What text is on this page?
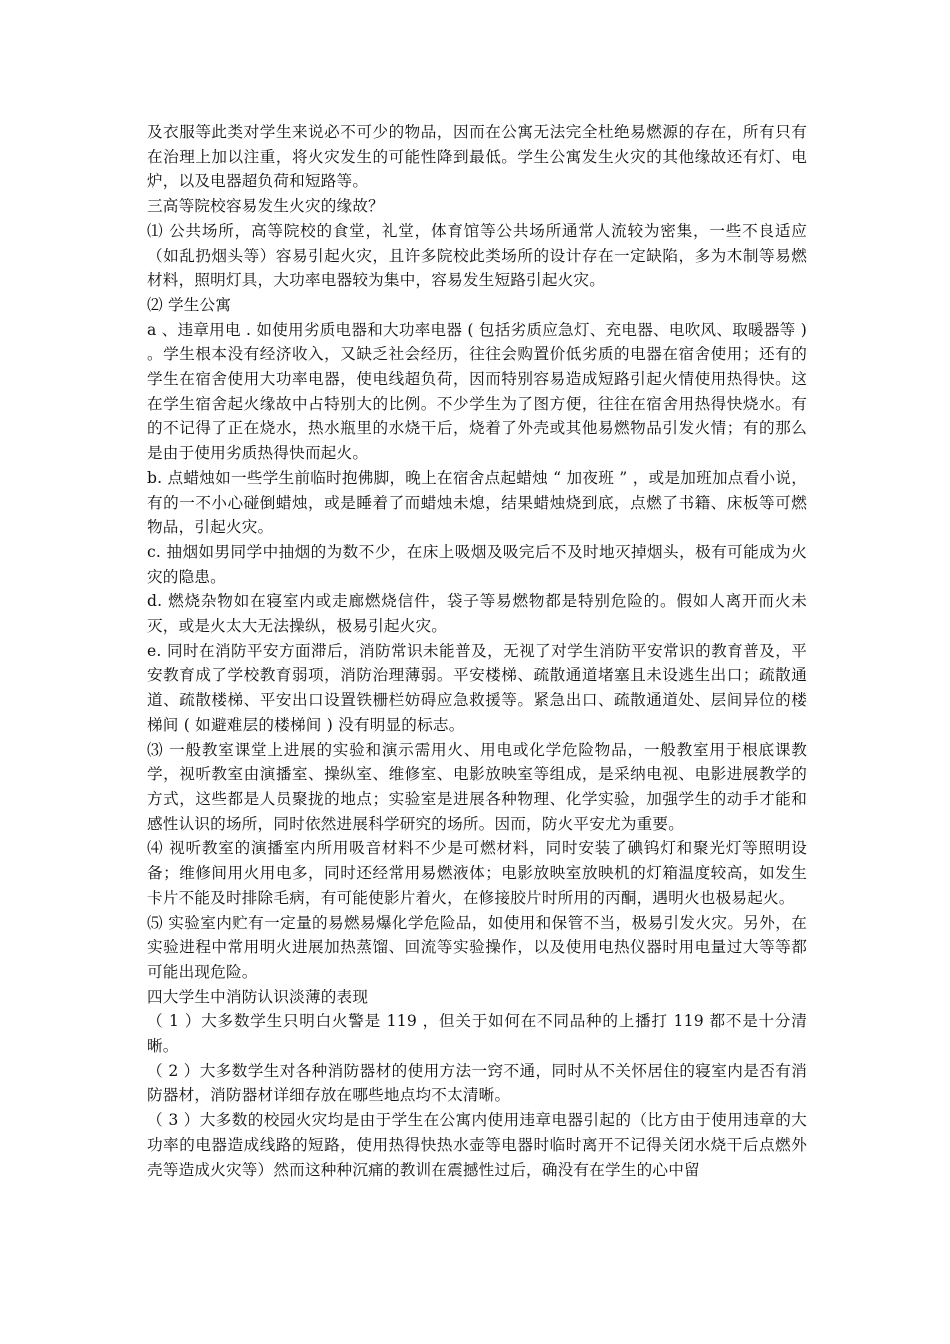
及衣服等此类对学生来说必不可少的物品，因而在公寓无法完全杜绝易燃源的存在，所有只有在治理上加以注重，将火灾发生的可能性降到最低。学生公寓发生火灾的其他缘故还有灯、电炉，以及电器超负荷和短路等。

三高等院校容易发生火灾的缘故？

⑴ 公共场所，高等院校的食堂，礼堂，体育馆等公共场所通常人流较为密集，一些不良适应（如乱扔烟头等）容易引起火灾，且许多院校此类场所的设计存在一定缺陷，多为木制等易燃材料，照明灯具，大功率电器较为集中，容易发生短路引起火灾。

⑵ 学生公寓

a 、违章用电 . 如使用劣质电器和大功率电器 ( 包括劣质应急灯、充电器、电吹风、取暖器等 ) 。学生根本没有经济收入，又缺乏社会经历，往往会购置价低劣质的电器在宿舍使用；还有的学生在宿舍使用大功率电器，使电线超负荷，因而特别容易造成短路引起火情使用热得快。这在学生宿舍起火缘故中占特别大的比例。不少学生为了图方便，往往在宿舍用热得快烧水。有的不记得了正在烧水，热水瓶里的水烧干后，烧着了外壳或其他易燃物品引发火情；有的那么是由于使用劣质热得快而起火。

b. 点蜡烛如一些学生前临时抱佛脚，晚上在宿舍点起蜡烛 “ 加夜班 ” ，或是加班加点看小说，有的一不小心碰倒蜡烛，或是睡着了而蜡烛未熄，结果蜡烛烧到底，点燃了书籍、床板等可燃物品，引起火灾。

c. 抽烟如男同学中抽烟的为数不少，在床上吸烟及吸完后不及时地灭掉烟头，极有可能成为火灾的隐患。

d. 燃烧杂物如在寝室内或走廊燃烧信件，袋子等易燃物都是特别危险的。假如人离开而火未灭，或是火太大无法操纵，极易引起火灾。

e. 同时在消防平安方面滞后，消防常识未能普及，无视了对学生消防平安常识的教育普及，平安教育成了学校教育弱项，消防治理薄弱。平安楼梯、疏散通道堵塞且未设逃生出口；疏散通道、疏散楼梯、平安出口设置铁栅栏妨碍应急救援等。紧急出口、疏散通道处、层间异位的楼梯间 ( 如避难层的楼梯间 ) 没有明显的标志。

⑶ 一般教室课堂上进展的实验和演示需用火、用电或化学危险物品，一般教室用于根底课教学，视听教室由演播室、操纵室、维修室、电影放映室等组成，是采纳电视、电影进展教学的方式，这些都是人员聚拢的地点；实验室是进展各种物理、化学实验，加强学生的动手才能和感性认识的场所，同时依然进展科学研究的场所。因而，防火平安尤为重要。

⑷ 视听教室的演播室内所用吸音材料不少是可燃材料，同时安装了碘钨灯和聚光灯等照明设备；维修间用火用电多，同时还经常用易燃液体；电影放映室放映机的灯箱温度较高，如发生卡片不能及时排除毛病，有可能使影片着火，在修接胶片时所用的丙酮，遇明火也极易起火。

⑸ 实验室内贮有一定量的易燃易爆化学危险品，如使用和保管不当，极易引发火灾。另外，在实验进程中常用明火进展加热蒸馏、回流等实验操作，以及使用电热仪器时用电量过大等等都可能出现危险。

四大学生中消防认识淡薄的表现

（ 1 ）大多数学生只明白火警是 119 ，但关于如何在不同品种的上播打 119 都不是十分清晰。

（ 2 ）大多数学生对各种消防器材的使用方法一窍不通，同时从不关怀居住的寝室内是否有消防器材，消防器材详细存放在哪些地点均不太清晰。

（ 3 ）大多数的校园火灾均是由于学生在公寓内使用违章电器引起的（比方由于使用违章的大功率的电器造成线路的短路，使用热得快热水壶等电器时临时离开不记得关闭水烧干后点燃外壳等造成火灾等）然而这种种沉痛的教训在震撼性过后，确没有在学生的心中留
